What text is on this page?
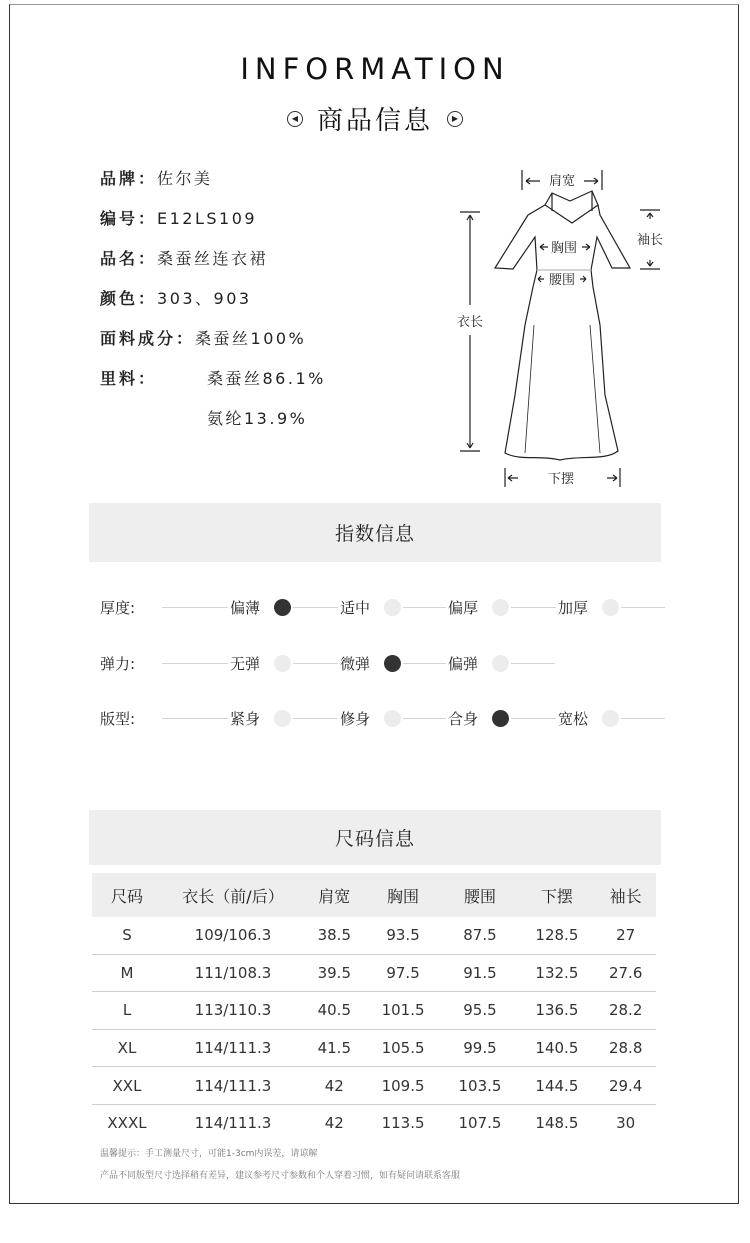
INFORMATION
◀ 商品信息	▶
品牌：佐尔美
编号：E12LS109
品名：桑蚕丝连衣裙
颜色：303、903
面料成分：桑蚕丝100%
里料：	桑蚕丝86.1%
氨纶13.9%
肩宽
胸围
腰围
袖长
衣长
下摆
指数信息
厚度:	偏薄	适中	偏厚	加厚
弹力:	无弹	微弹	偏弹
版型:	紧身	修身	合身	宽松
尺码信息
尺码	衣长（前/后）	肩宽	胸围	腰围	下摆	袖长
S	109/106.3	38.5	93.5	87.5	128.5	27
M	111/108.3	39.5	97.5	91.5	132.5	27.6
L	113/110.3	40.5	101.5	95.5	136.5	28.2
XL	114/111.3	41.5	105.5	99.5	140.5	28.8
XXL	114/111.3	42	109.5	103.5	144.5	29.4
XXXL	114/111.3	42	113.5	107.5	148.5	30
温馨提示：手工测量尺寸，可能1-3cm内误差，请谅解
产品不同版型尺寸选择稍有差异，建议参考尺寸参数和个人穿着习惯，如有疑问请联系客服
